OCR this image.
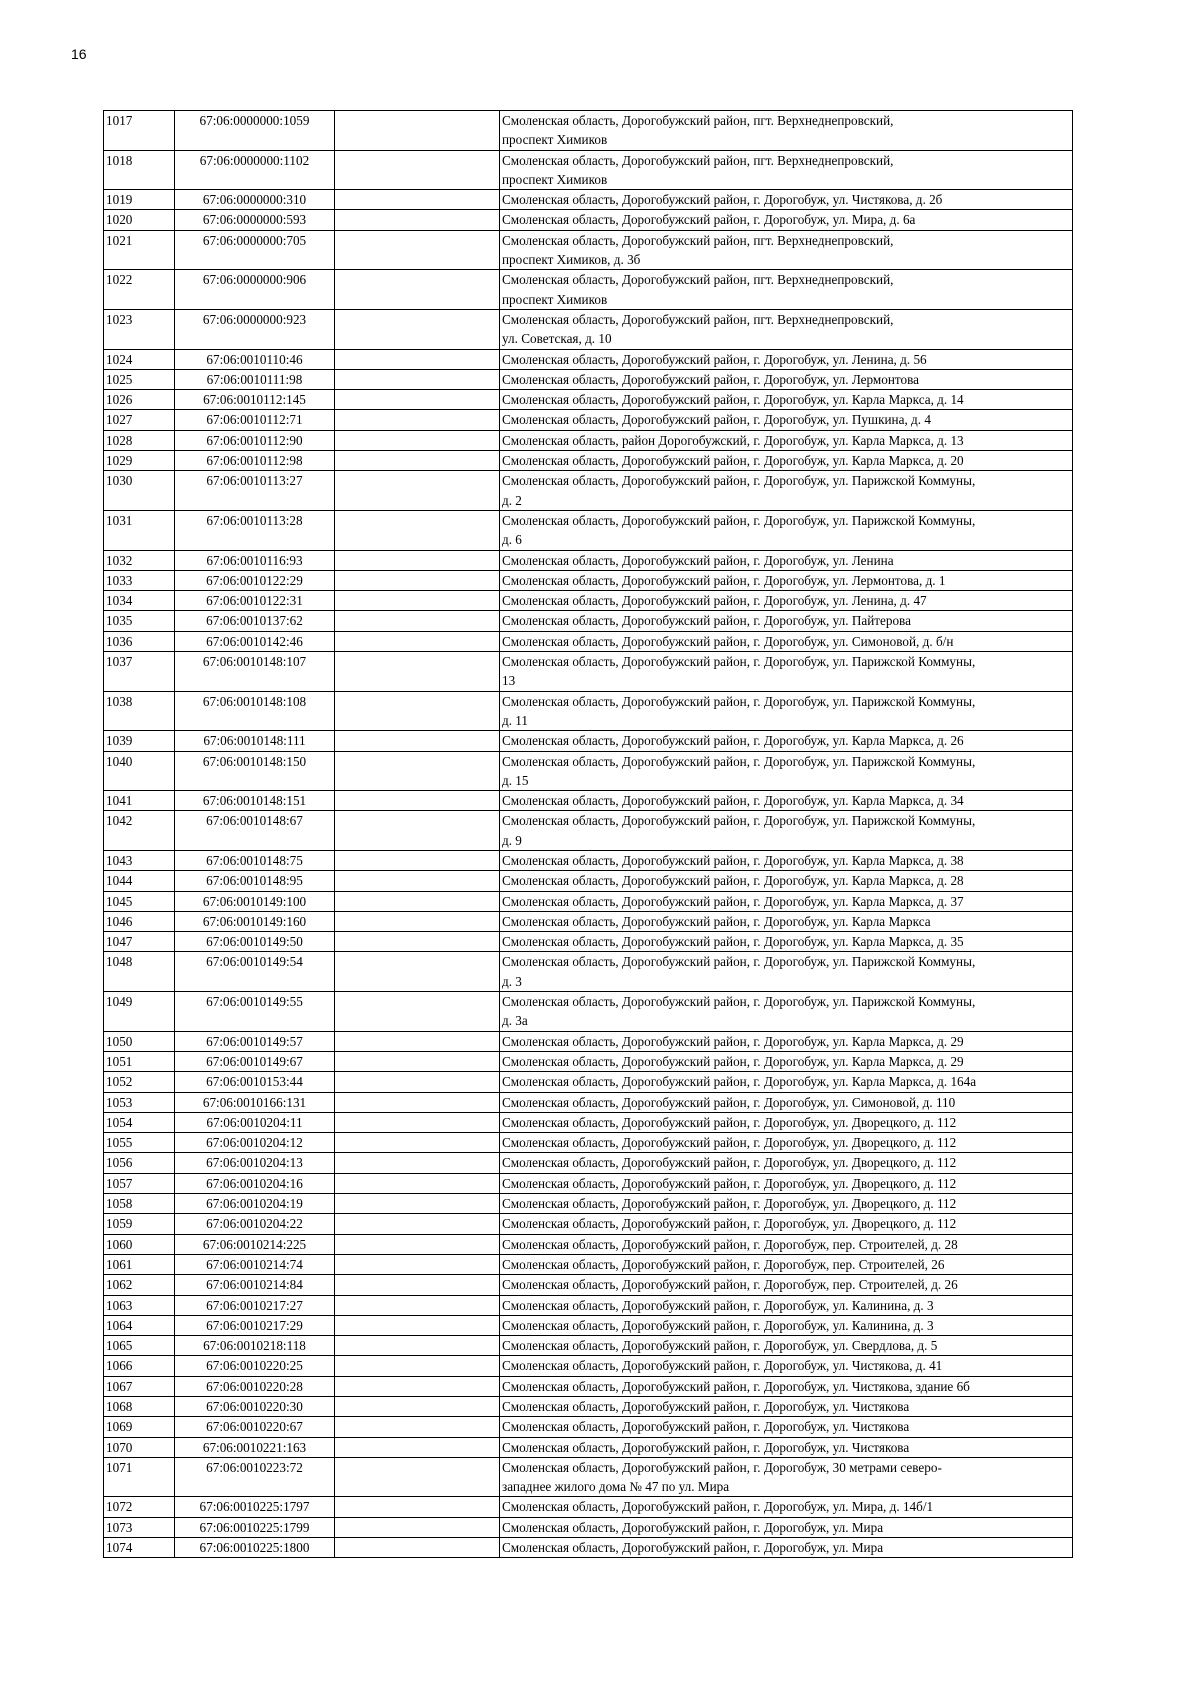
16
1017	67:06:0000000:1059		Смоленская область, Дорогобужский район, пгт. Верхнеднепровский,
проспект Химиков

1018	67:06:0000000:1102		Смоленская область, Дорогобужский район, пгт. Верхнеднепровский,
проспект Химиков

1019	67:06:0000000:310		Смоленская область, Дорогобужский район, г. Дорогобуж, ул. Чистякова, д. 2б

1020	67:06:0000000:593		Смоленская область, Дорогобужский район, г. Дорогобуж, ул. Мира, д. 6а

1021	67:06:0000000:705		Смоленская область, Дорогобужский район, пгт. Верхнеднепровский,
проспект Химиков, д. 3б

1022	67:06:0000000:906		Смоленская область, Дорогобужский район, пгт. Верхнеднепровский,
проспект Химиков

1023	67:06:0000000:923		Смоленская область, Дорогобужский район, пгт. Верхнеднепровский,
ул. Советская, д. 10

1024	67:06:0010110:46		Смоленская область, Дорогобужский район, г. Дорогобуж, ул. Ленина, д. 56

1025	67:06:0010111:98		Смоленская область, Дорогобужский район, г. Дорогобуж, ул. Лермонтова

1026	67:06:0010112:145		Смоленская область, Дорогобужский район, г. Дорогобуж, ул. Карла Маркса, д. 14

1027	67:06:0010112:71		Смоленская область, Дорогобужский район, г. Дорогобуж, ул. Пушкина, д. 4

1028	67:06:0010112:90		Смоленская область, район Дорогобужский, г. Дорогобуж, ул. Карла Маркса, д. 13

1029	67:06:0010112:98		Смоленская область, Дорогобужский район, г. Дорогобуж, ул. Карла Маркса, д. 20

1030	67:06:0010113:27		Смоленская область, Дорогобужский район, г. Дорогобуж, ул. Парижской Коммуны,
д. 2

1031	67:06:0010113:28		Смоленская область, Дорогобужский район, г. Дорогобуж, ул. Парижской Коммуны,
д. 6

1032	67:06:0010116:93		Смоленская область, Дорогобужский район, г. Дорогобуж, ул. Ленина

1033	67:06:0010122:29		Смоленская область, Дорогобужский район, г. Дорогобуж, ул. Лермонтова, д. 1

1034	67:06:0010122:31		Смоленская область, Дорогобужский район, г. Дорогобуж, ул. Ленина, д. 47

1035	67:06:0010137:62		Смоленская область, Дорогобужский район, г. Дорогобуж, ул. Пайтерова

1036	67:06:0010142:46		Смоленская область, Дорогобужский район, г. Дорогобуж, ул. Симоновой, д. б/н

1037	67:06:0010148:107		Смоленская область, Дорогобужский район, г. Дорогобуж, ул. Парижской Коммуны,
13

1038	67:06:0010148:108		Смоленская область, Дорогобужский район, г. Дорогобуж, ул. Парижской Коммуны,
д. 11

1039	67:06:0010148:111		Смоленская область, Дорогобужский район, г. Дорогобуж, ул. Карла Маркса, д. 26

1040	67:06:0010148:150		Смоленская область, Дорогобужский район, г. Дорогобуж, ул. Парижской Коммуны,
д. 15

1041	67:06:0010148:151		Смоленская область, Дорогобужский район, г. Дорогобуж, ул. Карла Маркса, д. 34

1042	67:06:0010148:67		Смоленская область, Дорогобужский район, г. Дорогобуж, ул. Парижской Коммуны,
д. 9

1043	67:06:0010148:75		Смоленская область, Дорогобужский район, г. Дорогобуж, ул. Карла Маркса, д. 38

1044	67:06:0010148:95		Смоленская область, Дорогобужский район, г. Дорогобуж, ул. Карла Маркса, д. 28

1045	67:06:0010149:100		Смоленская область, Дорогобужский район, г. Дорогобуж, ул. Карла Маркса, д. 37

1046	67:06:0010149:160		Смоленская область, Дорогобужский район, г. Дорогобуж, ул. Карла Маркса

1047	67:06:0010149:50		Смоленская область, Дорогобужский район, г. Дорогобуж, ул. Карла Маркса, д. 35

1048	67:06:0010149:54		Смоленская область, Дорогобужский район, г. Дорогобуж, ул. Парижской Коммуны,
д. 3

1049	67:06:0010149:55		Смоленская область, Дорогобужский район, г. Дорогобуж, ул. Парижской Коммуны,
д. 3а

1050	67:06:0010149:57		Смоленская область, Дорогобужский район, г. Дорогобуж, ул. Карла Маркса, д. 29

1051	67:06:0010149:67		Смоленская область, Дорогобужский район, г. Дорогобуж, ул. Карла Маркса, д. 29

1052	67:06:0010153:44		Смоленская область, Дорогобужский район, г. Дорогобуж, ул. Карла Маркса, д. 164а

1053	67:06:0010166:131		Смоленская область, Дорогобужский район, г. Дорогобуж, ул. Симоновой, д. 110

1054	67:06:0010204:11		Смоленская область, Дорогобужский район, г. Дорогобуж, ул. Дворецкого, д. 112

1055	67:06:0010204:12		Смоленская область, Дорогобужский район, г. Дорогобуж, ул. Дворецкого, д. 112

1056	67:06:0010204:13		Смоленская область, Дорогобужский район, г. Дорогобуж, ул. Дворецкого, д. 112

1057	67:06:0010204:16		Смоленская область, Дорогобужский район, г. Дорогобуж, ул. Дворецкого, д. 112

1058	67:06:0010204:19		Смоленская область, Дорогобужский район, г. Дорогобуж, ул. Дворецкого, д. 112

1059	67:06:0010204:22		Смоленская область, Дорогобужский район, г. Дорогобуж, ул. Дворецкого, д. 112

1060	67:06:0010214:225		Смоленская область, Дорогобужский район, г. Дорогобуж, пер. Строителей, д. 28

1061	67:06:0010214:74		Смоленская область, Дорогобужский район, г. Дорогобуж, пер. Строителей, 26

1062	67:06:0010214:84		Смоленская область, Дорогобужский район, г. Дорогобуж, пер. Строителей, д. 26

1063	67:06:0010217:27		Смоленская область, Дорогобужский район, г. Дорогобуж, ул. Калинина, д. 3

1064	67:06:0010217:29		Смоленская область, Дорогобужский район, г. Дорогобуж, ул. Калинина, д. 3

1065	67:06:0010218:118		Смоленская область, Дорогобужский район, г. Дорогобуж, ул. Свердлова, д. 5

1066	67:06:0010220:25		Смоленская область, Дорогобужский район, г. Дорогобуж, ул. Чистякова, д. 41

1067	67:06:0010220:28		Смоленская область, Дорогобужский район, г. Дорогобуж, ул. Чистякова, здание 6б

1068	67:06:0010220:30		Смоленская область, Дорогобужский район, г. Дорогобуж, ул. Чистякова

1069	67:06:0010220:67		Смоленская область, Дорогобужский район, г. Дорогобуж, ул. Чистякова

1070	67:06:0010221:163		Смоленская область, Дорогобужский район, г. Дорогобуж, ул. Чистякова

1071	67:06:0010223:72		Смоленская область, Дорогобужский район, г. Дорогобуж, 30 метрами северо-
западнее жилого дома № 47 по ул. Мира

1072	67:06:0010225:1797		Смоленская область, Дорогобужский район, г. Дорогобуж, ул. Мира, д. 14б/1

1073	67:06:0010225:1799		Смоленская область, Дорогобужский район, г. Дорогобуж, ул. Мира

1074	67:06:0010225:1800		Смоленская область, Дорогобужский район, г. Дорогобуж, ул. Мира
